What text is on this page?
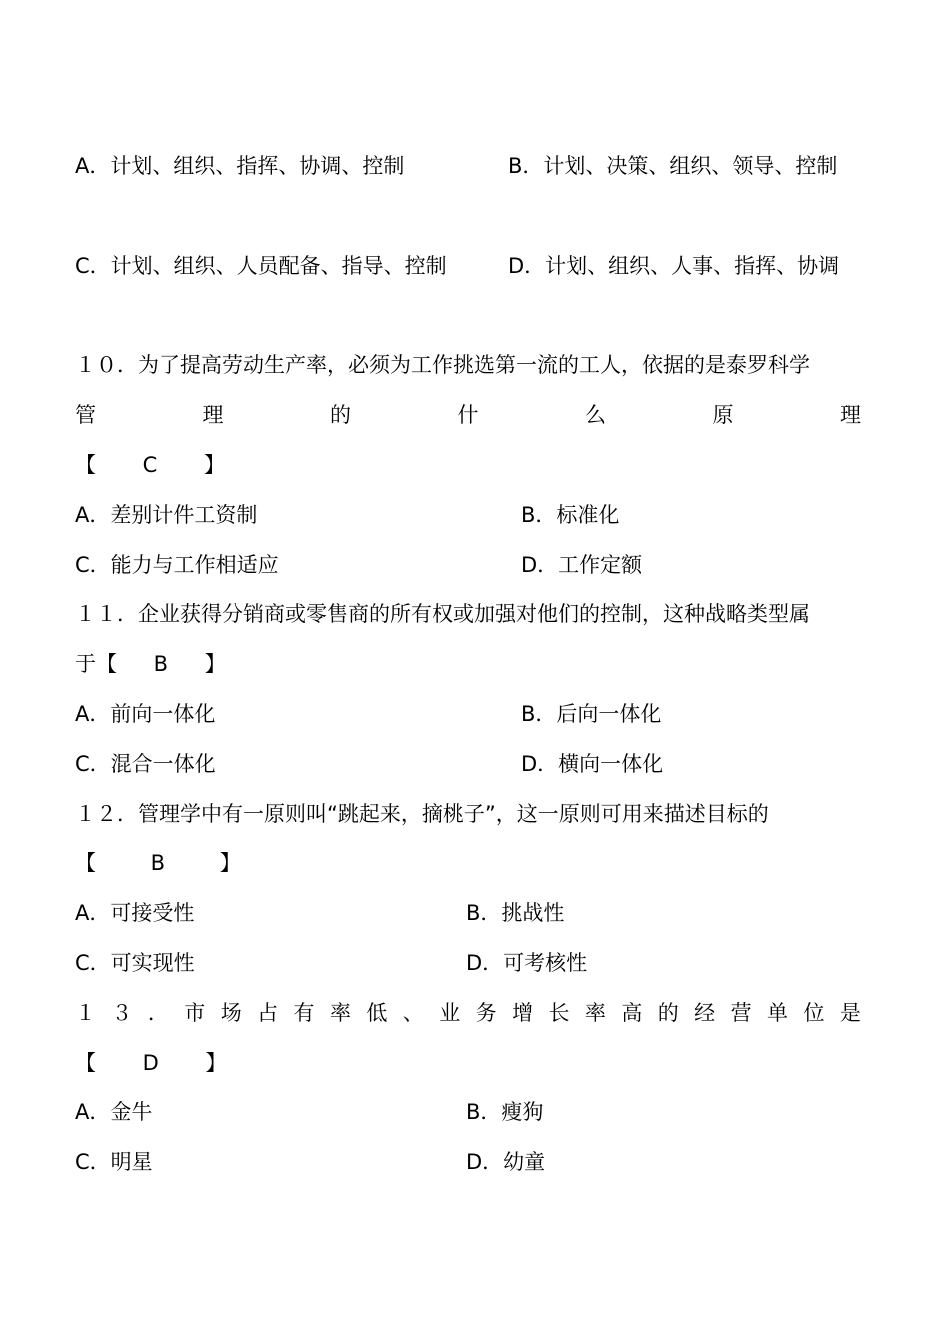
A．计划、组织、指挥、协调、控制	B．计划、决策、组织、领导、控制
C．计划、组织、人员配备、指导、控制	D．计划、组织、人事、指挥、协调
１０．为了提高劳动生产率，必须为工作挑选第一流的工人，依据的是泰罗科学
管	理	的	什	么	原	理
【 C 】
A．差别计件工资制	B．标准化
C．能力与工作相适应	D．工作定额
１１．企业获得分销商或零售商的所有权或加强对他们的控制，这种战略类型属
于【 B 】
A．前向一体化	B．后向一体化
C．混合一体化	D．横向一体化
１２．管理学中有一原则叫“跳起来，摘桃子”，这一原则可用来描述目标的
【 B 】
A．可接受性	B．挑战性
C．可实现性	D．可考核性
１ ３ ． 市 场 占 有 率 低 、 业 务 增 长 率 高 的 经 营 单 位 是
【 D 】
A．金牛	B．瘦狗
C．明星	D．幼童
